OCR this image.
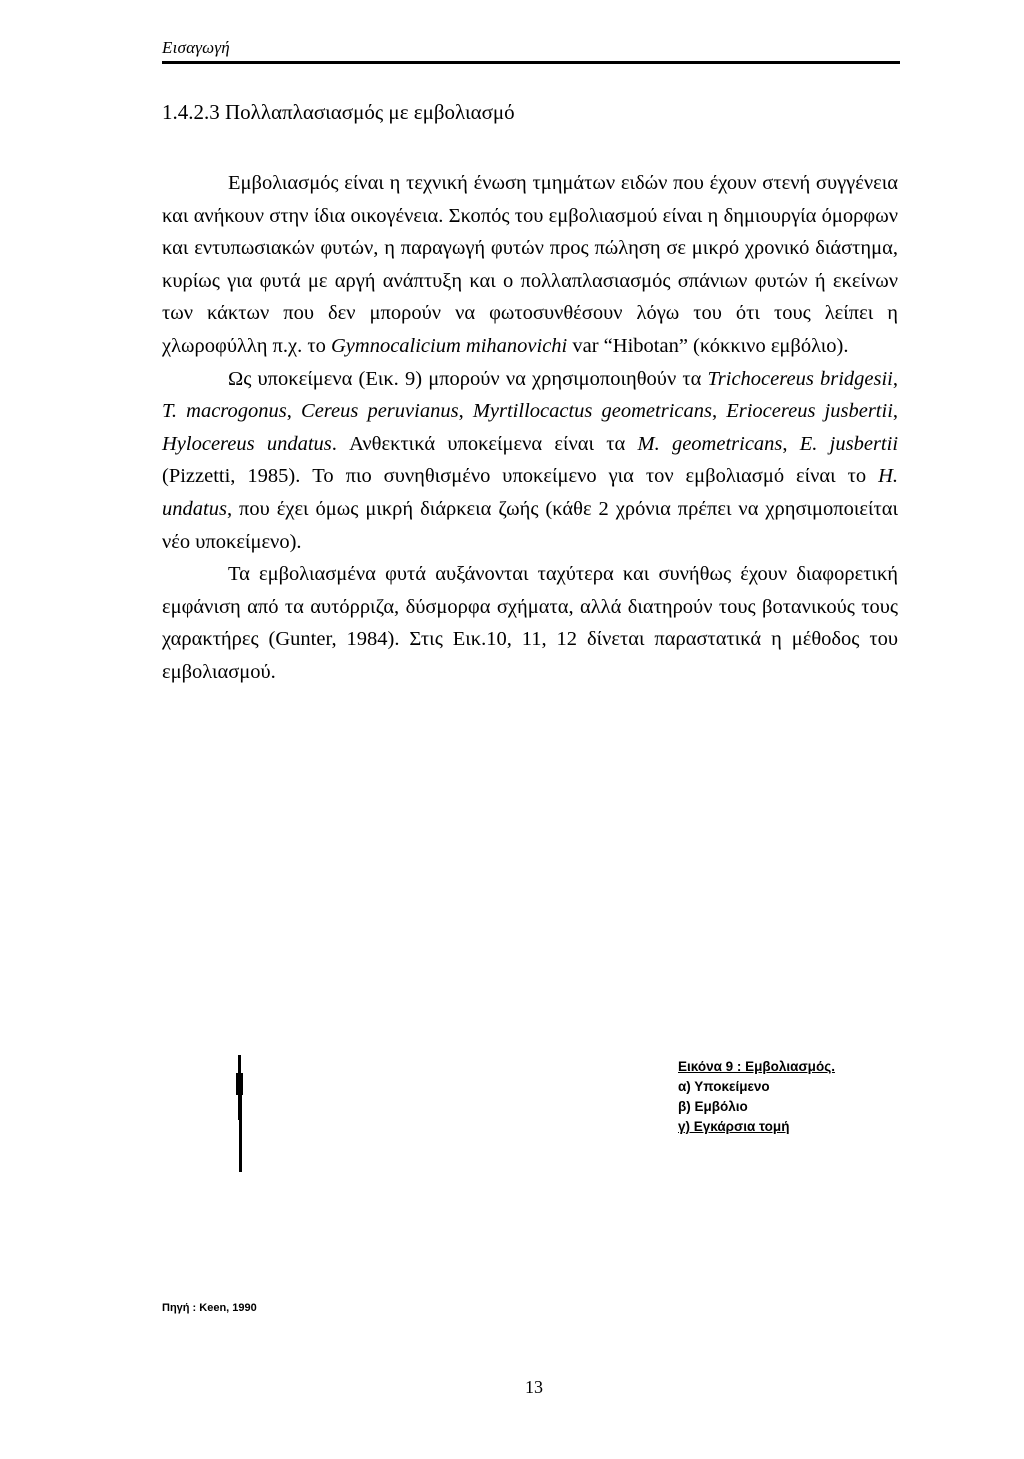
Εισαγωγή
1.4.2.3 Πολλαπλασιασμός με εμβολιασμό

Εμβολιασμός είναι η τεχνική ένωση τμημάτων ειδών που έχουν στενή συγγένεια και ανήκουν στην ίδια οικογένεια. Σκοπός του εμβολιασμού είναι η δημιουργία όμορφων και εντυπωσιακών φυτών, η παραγωγή φυτών προς πώληση σε μικρό χρονικό διάστημα, κυρίως για φυτά με αργή ανάπτυξη και ο πολλαπλασιασμός σπάνιων φυτών ή εκείνων των κάκτων που δεν μπορούν να φωτοσυνθέσουν λόγω του ότι τους λείπει η χλωροφύλλη π.χ. το Gymnocalicium mihanovichi var “Hibotan” (κόκκινο εμβόλιο).

Ως υποκείμενα (Εικ. 9) μπορούν να χρησιμοποιηθούν τα Trichocereus bridgesii, T. macrogonus, Cereus peruvianus, Myrtillocactus geometricans, Eriocereus jusbertii, Hylocereus undatus. Ανθεκτικά υποκείμενα είναι τα M. geometricans, E. jusbertii (Pizzetti, 1985). Το πιο συνηθισμένο υποκείμενο για τον εμβολιασμό είναι το H. undatus, που έχει όμως μικρή διάρκεια ζωής (κάθε 2 χρόνια πρέπει να χρησιμοποιείται νέο υποκείμενο).

Τα εμβολιασμένα φυτά αυξάνονται ταχύτερα και συνήθως έχουν διαφορετική εμφάνιση από τα αυτόρριζα, δύσμορφα σχήματα, αλλά διατηρούν τους βοτανικούς τους χαρακτήρες (Gunter, 1984). Στις Εικ.10, 11, 12 δίνεται παραστατικά η μέθοδος του εμβολιασμού.

Εικόνα 9 : Εμβολιασμός.
α) Υποκείμενο
β) Εμβόλιο
γ) Εγκάρσια τομή
Πηγή : Keen, 1990
13
